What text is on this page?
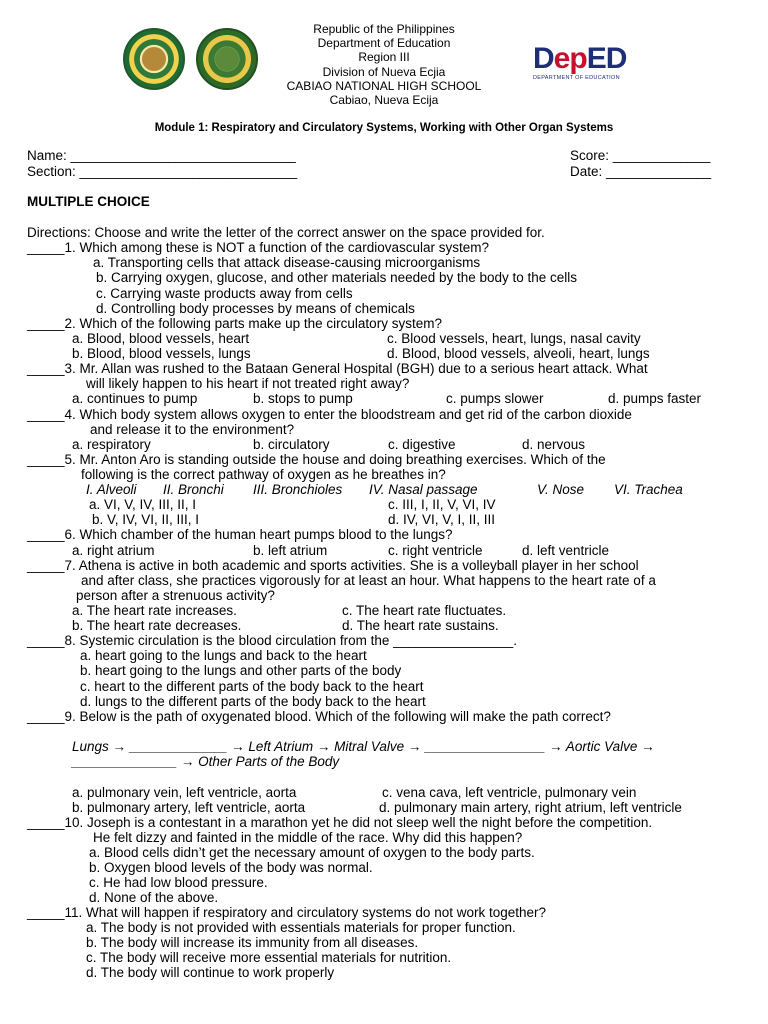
DepED
DEPARTMENT OF EDUCATION
Republic of the Philippines
Department of Education
Region III
Division of Nueva Ecjia
CABIAO NATIONAL HIGH SCHOOL
Cabiao, Nueva Ecija
Module 1: Respiratory and Circulatory Systems, Working with Other Organ Systems
Name: ______________________________
Section: _____________________________
Score: _____________
Date: ______________
MULTIPLE CHOICE
Directions: Choose and write the letter of the correct answer on the space provided for.
_____1. Which among these is NOT a function of the cardiovascular system?
a. Transporting cells that attack disease-causing microorganisms
b. Carrying oxygen, glucose, and other materials needed by the body to the cells
c. Carrying waste products away from cells
d. Controlling body processes by means of chemicals
_____2. Which of the following parts make up the circulatory system?
a. Blood, blood vessels, heart	c. Blood vessels, heart, lungs, nasal cavity
b. Blood, blood vessels, lungs	d. Blood, blood vessels, alveoli, heart, lungs
_____3. Mr. Allan was rushed to the Bataan General Hospital (BGH) due to a serious heart attack. What
will likely happen to his heart if not treated right away?
a. continues to pump	b. stops to pump	c. pumps slower	d. pumps faster
_____4. Which body system allows oxygen to enter the bloodstream and get rid of the carbon dioxide
and release it to the environment?
a. respiratory	b. circulatory	c. digestive	d. nervous
_____5. Mr. Anton Aro is standing outside the house and doing breathing exercises. Which of the
following is the correct pathway of oxygen as he breathes in?
I. Alveoli II. Bronchi III. Bronchioles IV. Nasal passage	V. Nose VI. Trachea
a. VI, V, IV, III, II, I	c. III, I, II, V, VI, IV
b. V, IV, VI, II, III, I	d. IV, VI, V, I, II, III
_____6. Which chamber of the human heart pumps blood to the lungs?
a. right atrium	b. left atrium	c. right ventricle	d. left ventricle
_____7. Athena is active in both academic and sports activities. She is a volleyball player in her school
and after class, she practices vigorously for at least an hour. What happens to the heart rate of a
person after a strenuous activity?
a. The heart rate increases.	c. The heart rate fluctuates.
b. The heart rate decreases.	d. The heart rate sustains.
_____8. Systemic circulation is the blood circulation from the ________________.
a. heart going to the lungs and back to the heart
b. heart going to the lungs and other parts of the body
c. heart to the different parts of the body back to the heart
d. lungs to the different parts of the body back to the heart
_____9. Below is the path of oxygenated blood. Which of the following will make the path correct?
Lungs → _____________ → Left Atrium → Mitral Valve → ________________ → Aortic Valve →
______________ → Other Parts of the Body
a. pulmonary vein, left ventricle, aorta	c. vena cava, left ventricle, pulmonary vein
b. pulmonary artery, left ventricle, aorta	d. pulmonary main artery, right atrium, left ventricle
_____10. Joseph is a contestant in a marathon yet he did not sleep well the night before the competition.
He felt dizzy and fainted in the middle of the race. Why did this happen?
a. Blood cells didn’t get the necessary amount of oxygen to the body parts.
b. Oxygen blood levels of the body was normal.
c. He had low blood pressure.
d. None of the above.
_____11. What will happen if respiratory and circulatory systems do not work together?
a. The body is not provided with essentials materials for proper function.
b. The body will increase its immunity from all diseases.
c. The body will receive more essential materials for nutrition.
d. The body will continue to work properly
